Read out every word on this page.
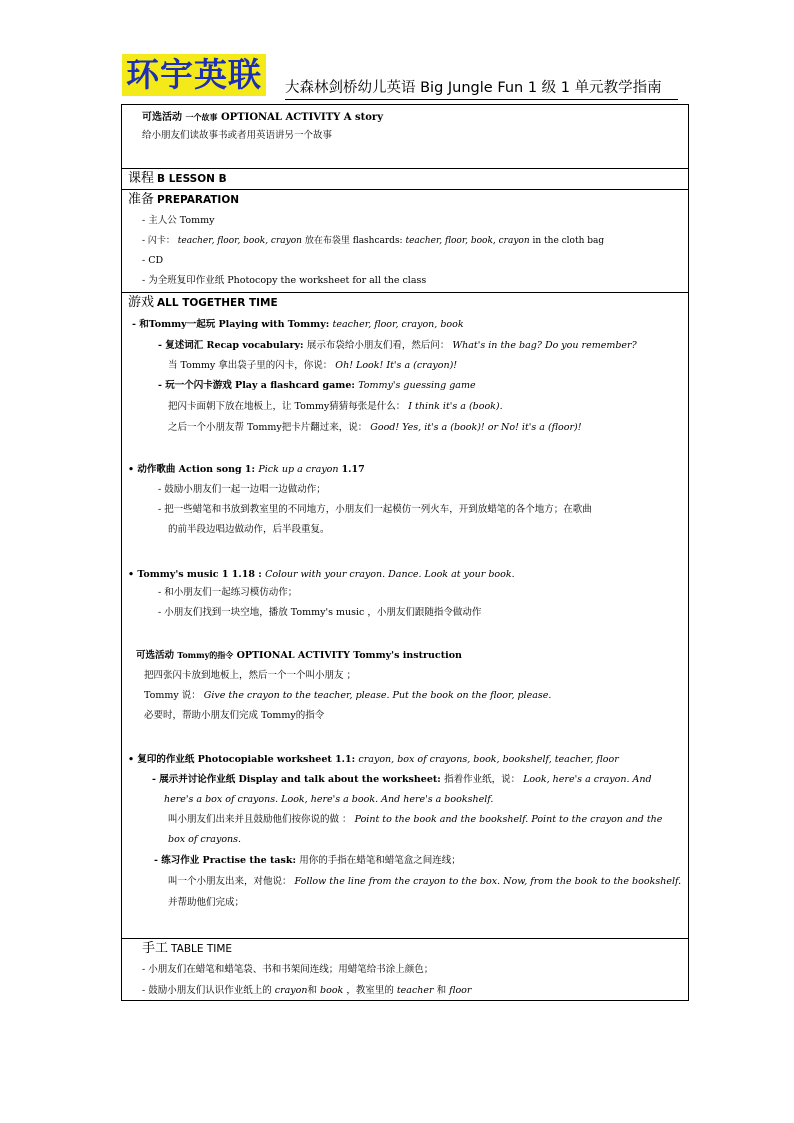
环宇英联 大森林剑桥幼儿英语 Big Jungle Fun 1 级 1 单元教学指南
可选活动 一个故事 OPTIONAL ACTIVITY A story
给小朋友们读故事书或者用英语讲另一个故事

课程 B LESSON B

准备 PREPARATION
- 主人公 Tommy
- 闪卡： teacher, floor, book, crayon 放在布袋里 flashcards: teacher, floor, book, crayon in the cloth bag
- CD
- 为全班复印作业纸 Photocopy the worksheet for all the class

游戏 ALL TOGETHER TIME
- 和Tommy一起玩 Playing with Tommy: teacher, floor, crayon, book
- 复述词汇 Recap vocabulary: 展示布袋给小朋友们看，然后问： What's in the bag? Do you remember?
当 Tommy 拿出袋子里的闪卡，你说： Oh! Look! It's a (crayon)!
- 玩一个闪卡游戏 Play a flashcard game: Tommy's guessing game
把闪卡面朝下放在地板上，让 Tommy猜猜每张是什么： I think it's a (book).
之后一个小朋友帮 Tommy把卡片翻过来，说： Good! Yes, it's a (book)! or No! it's a (floor)!
• 动作歌曲 Action song 1: Pick up a crayon 1.17
- 鼓励小朋友们一起一边唱一边做动作；
- 把一些蜡笔和书放到教室里的不同地方，小朋友们一起模仿一列火车，开到放蜡笔的各个地方；在歌曲
的前半段边唱边做动作，后半段重复。
• Tommy's music 1 1.18 : Colour with your crayon. Dance. Look at your book.
- 和小朋友们一起练习模仿动作；
- 小朋友们找到一块空地，播放 Tommy's music ，小朋友们跟随指令做动作
可选活动 Tommy的指令 OPTIONAL ACTIVITY Tommy's instruction
把四张闪卡放到地板上，然后一个一个叫小朋友 ；
Tommy 说： Give the crayon to the teacher, please. Put the book on the floor, please.
必要时，帮助小朋友们完成 Tommy的指令
• 复印的作业纸 Photocopiable worksheet 1.1: crayon, box of crayons, book, bookshelf, teacher, floor
- 展示并讨论作业纸 Display and talk about the worksheet: 指着作业纸，说： Look, here's a crayon. And
here's a box of crayons. Look, here's a book. And here's a bookshelf.
叫小朋友们出来并且鼓励他们按你说的做 ： Point to the book and the bookshelf. Point to the crayon and the
box of crayons.
- 练习作业 Practise the task: 用你的手指在蜡笔和蜡笔盒之间连线；
叫一个小朋友出来，对他说： Follow the line from the crayon to the box. Now, from the book to the bookshelf.
并帮助他们完成；

手工 TABLE TIME
- 小朋友们在蜡笔和蜡笔袋、书和书架间连线；用蜡笔给书涂上颜色；
- 鼓励小朋友们认识作业纸上的 crayon和 book ，教室里的 teacher 和 floor
